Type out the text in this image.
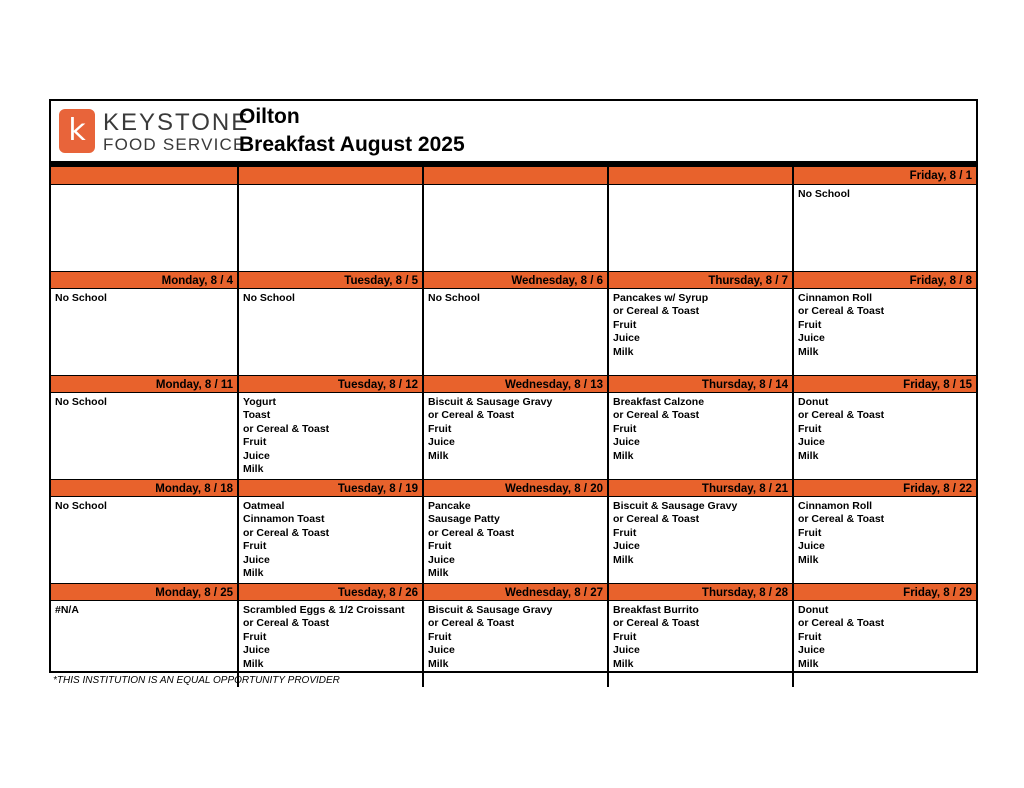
k KEYSTONE
FOOD SERVICE
Oilton
Breakfast August 2025
Friday, 8 / 1
No School
Monday, 8 / 4
No School
Tuesday, 8 / 5
No School
Wednesday, 8 / 6
No School
Thursday, 8 / 7
Pancakes w/ Syrup
or Cereal & Toast
Fruit
Juice
Milk
Friday, 8 / 8
Cinnamon Roll
or Cereal & Toast
Fruit
Juice
Milk
Monday, 8 / 11
No School
Tuesday, 8 / 12
Yogurt
Toast
or Cereal & Toast
Fruit
Juice
Milk
Wednesday, 8 / 13
Biscuit & Sausage Gravy
or Cereal & Toast
Fruit
Juice
Milk
Thursday, 8 / 14
Breakfast Calzone
or Cereal & Toast
Fruit
Juice
Milk
Friday, 8 / 15
Donut
or Cereal & Toast
Fruit
Juice
Milk
Monday, 8 / 18
No School
Tuesday, 8 / 19
Oatmeal
Cinnamon Toast
or Cereal & Toast
Fruit
Juice
Milk
Wednesday, 8 / 20
Pancake
Sausage Patty
or Cereal & Toast
Fruit
Juice
Milk
Thursday, 8 / 21
Biscuit & Sausage Gravy
or Cereal & Toast
Fruit
Juice
Milk
Friday, 8 / 22
Cinnamon Roll
or Cereal & Toast
Fruit
Juice
Milk
Monday, 8 / 25
#N/A
Tuesday, 8 / 26
Scrambled Eggs & 1/2 Croissant
or Cereal & Toast
Fruit
Juice
Milk
Wednesday, 8 / 27
Biscuit & Sausage Gravy
or Cereal & Toast
Fruit
Juice
Milk
Thursday, 8 / 28
Breakfast Burrito
or Cereal & Toast
Fruit
Juice
Milk
Friday, 8 / 29
Donut
or Cereal & Toast
Fruit
Juice
Milk
*THIS INSTITUTION IS AN EQUAL OPPORTUNITY PROVIDER
